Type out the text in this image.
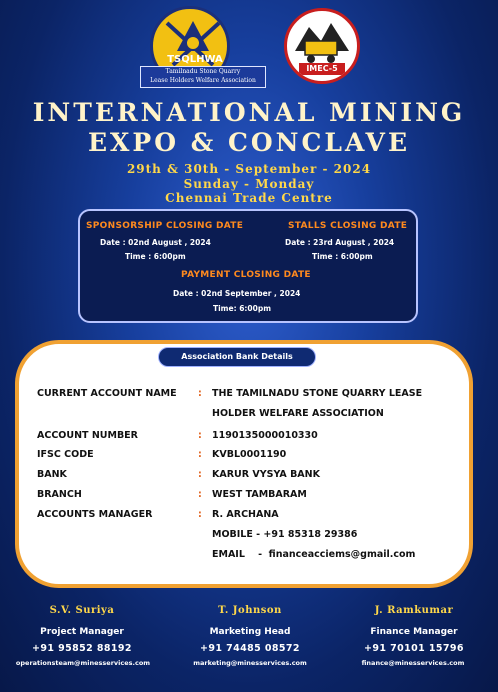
TSQLHWA
Tamilnadu Stone Quarry
Lease Holders Welfare Association
IMEC-5
INTERNATIONAL MINING
EXPO & CONCLAVE
29th & 30th - September - 2024
Sunday - Monday
Chennai Trade Centre
SPONSORSHIP CLOSING DATE
Date : 02nd August , 2024
Time : 6:00pm
STALLS CLOSING DATE
Date : 23rd August , 2024
Time : 6:00pm
PAYMENT CLOSING DATE
Date : 02nd September , 2024
Time: 6:00pm
Association Bank Details
CURRENT ACCOUNT NAME : THE TAMILNADU STONE QUARRY LEASE
HOLDER WELFARE ASSOCIATION
ACCOUNT NUMBER	: 1190135000010330
IFSC CODE	: KVBL0001190
BANK	: KARUR VYSYA BANK
BRANCH	: WEST TAMBARAM
ACCOUNTS MANAGER	: R. ARCHANA
MOBILE - +91 85318 29386
EMAIL    -  financeacciems@gmail.com
S.V. Suriya
Project Manager
+91 95852 88192
operationsteam@minesservices.com
T. Johnson
Marketing Head
+91 74485 08572
marketing@minesservices.com
J. Ramkumar
Finance Manager
+91 70101 15796
finance@minesservices.com
